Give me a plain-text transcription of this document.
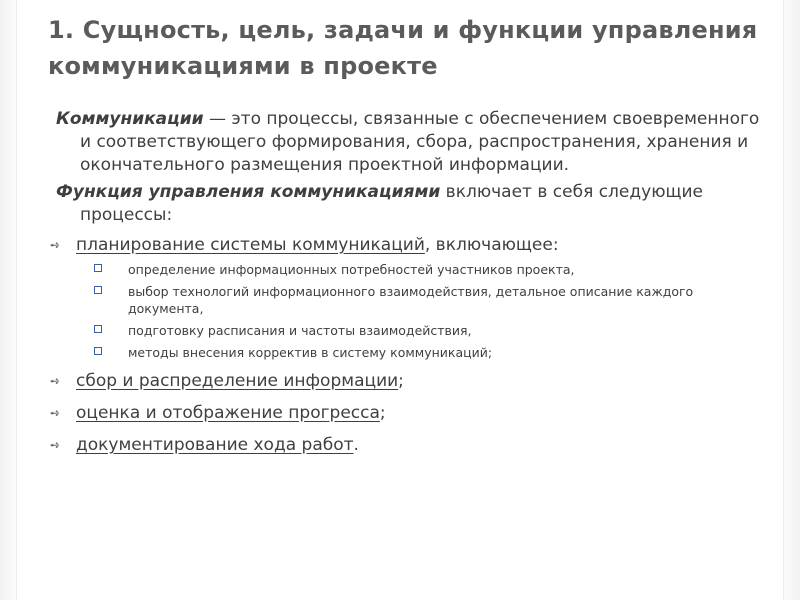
1. Сущность, цель, задачи и функции управления коммуникациями в проекте

Коммуникации — это процессы, связанные с обеспечением своевременного и соответствующего формирования, сбора, распространения, хранения и окончательного размещения проектной информации.

Функция управления коммуникациями включает в себя следующие процессы:

➺ планирование системы коммуникаций, включающее:
определение информационных потребностей участников проекта,
выбор технологий информационного взаимодействия, детальное описание каждого документа,
подготовку расписания и частоты взаимодействия,
методы внесения корректив в систему коммуникаций;
➺ сбор и распределение информации;
➺ оценка и отображение прогресса;
➺ документирование хода работ.
